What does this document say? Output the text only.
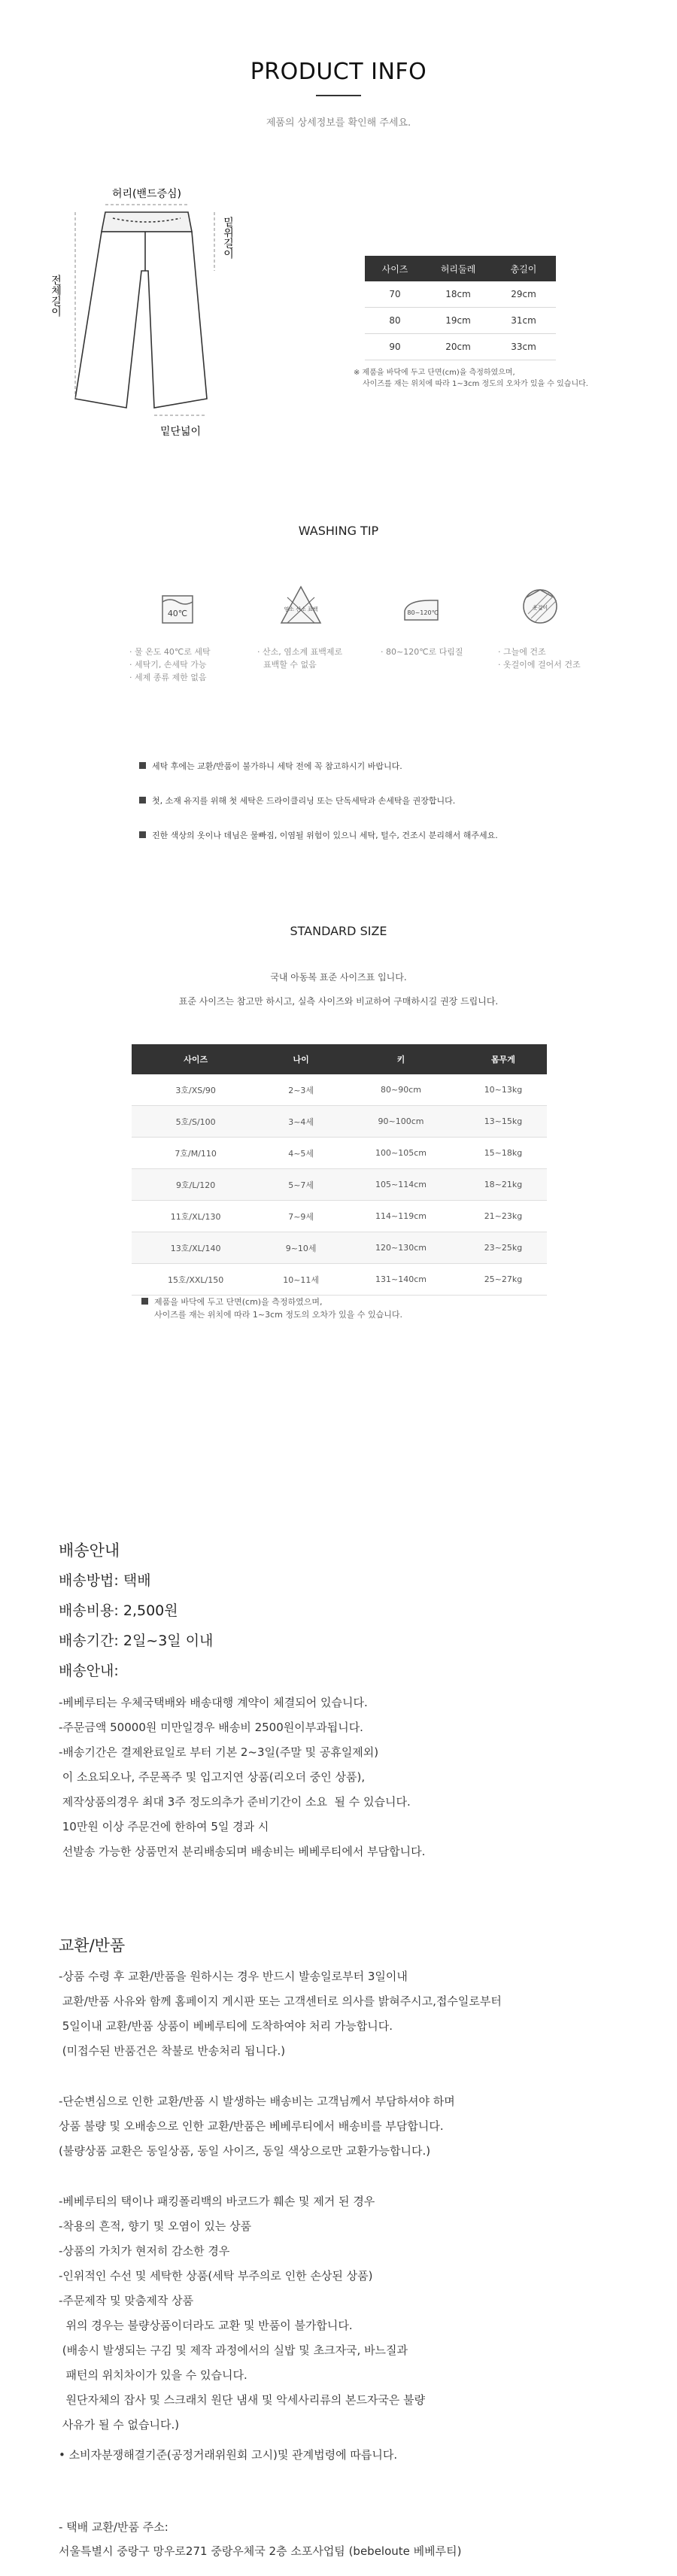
PRODUCT INFO
제품의 상세정보를 확인해 주세요.
허리(밴드증심)
밑위길이
전체길이
밑단넓이
사이즈	허리둘레	총길이
70	18cm	29cm
80	19cm	31cm
90	20cm	33cm
※ 제품을 바닥에 두고 단면(cm)을 측정하였으며,
사이즈를 재는 위치에 따라 1~3cm 정도의 오차가 있을 수 있습니다.
WASHING TIP
40℃	염소 산소 표백	80~120℃
옷걸이
· 물 온도 40℃로 세탁
· 세탁기, 손세탁 가능
· 세제 종류 제한 없음
· 산소, 염소계 표백제로
표백할 수 없음
· 80~120℃로 다림질	· 그늘에 건조
· 옷걸이에 걸어서 건조
세탁 후에는 교환/반품이 불가하니 세탁 전에 꼭 참고하시기 바랍니다.
첫, 소재 유지를 위해 첫 세탁은 드라이클리닝 또는 단독세탁과 손세탁을 권장합니다.
진한 색상의 옷이나 데님은 물빠짐, 이염될 위험이 있으니 세탁, 털수, 건조시 분리해서 해주세요.
STANDARD SIZE
국내 아동복 표준 사이즈표 입니다.
표준 사이즈는 참고만 하시고, 실측 사이즈와 비교하여 구매하시길 권장 드립니다.
사이즈	나이	키	몸무게
3호/XS/90	2~3세	80~90cm	10~13kg
5호/S/100	3~4세	90~100cm	13~15kg
7호/M/110	4~5세	100~105cm	15~18kg
9호/L/120	5~7세	105~114cm	18~21kg
11호/XL/130	7~9세	114~119cm	21~23kg
13호/XL/140	9~10세	120~130cm	23~25kg
15호/XXL/150	10~11세	131~140cm	25~27kg
제품을 바닥에 두고 단면(cm)을 측정하였으며,
사이즈를 재는 위치에 따라 1~3cm 정도의 오차가 있을 수 있습니다.
배송안내
배송방법: 택배
배송비용: 2,500원
배송기간: 2일~3일 이내
배송안내:
-베베루티는 우체국택배와 배송대행 계약이 체결되어 있습니다.
-주문금액 50000원 미만일경우 배송비 2500원이부과됩니다.
-배송기간은 결제완료일로 부터 기본 2~3일(주말 및 공휴일제외)
이 소요되오나, 주문폭주 및 입고지연 상품(리오더 중인 상품),
제작상품의경우 최대 3주 정도의추가 준비기간이 소요  될 수 있습니다.
10만원 이상 주문건에 한하여 5일 경과 시
선발송 가능한 상품먼저 분리배송되며 배송비는 베베루티에서 부담합니다.
교환/반품
-상품 수령 후 교환/반품을 원하시는 경우 반드시 발송일로부터 3일이내
교환/반품 사유와 함께 홈페이지 게시판 또는 고객센터로 의사를 밝혀주시고,접수일로부터
5일이내 교환/반품 상품이 베베루티에 도착하여야 처리 가능합니다.
(미접수된 반품건은 착불로 반송처리 됩니다.)
-단순변심으로 인한 교환/반품 시 발생하는 배송비는 고객님께서 부담하셔야 하며
상품 불량 및 오배송으로 인한 교환/반품은 베베루티에서 배송비를 부담합니다.
(불량상품 교환은 동일상품, 동일 사이즈, 동일 색상으로만 교환가능합니다.)
-베베루티의 택이나 패킹폴리백의 바코드가 훼손 및 제거 된 경우
-착용의 흔적, 향기 및 오염이 있는 상품
-상품의 가치가 현저히 감소한 경우
-인위적인 수선 및 세탁한 상품(세탁 부주의로 인한 손상된 상품)
-주문제작 및 맞춤제작 상품
위의 경우는 불량상품이더라도 교환 및 반품이 불가합니다.
(배송시 발생되는 구김 및 제작 과정에서의 실밥 및 초크자국, 바느질과
패턴의 위치차이가 있을 수 있습니다.
원단자체의 잡사 및 스크래치 원단 냄새 및 악세사리류의 본드자국은 불량
사유가 될 수 없습니다.)
• 소비자분쟁해결기준(공정거래위원회 고시)및 관계법령에 따릅니다.
- 택배 교환/반품 주소:
서울특별시 중랑구 망우로271 중랑우체국 2층 소포사업팀 (bebeloute 베베루티)
